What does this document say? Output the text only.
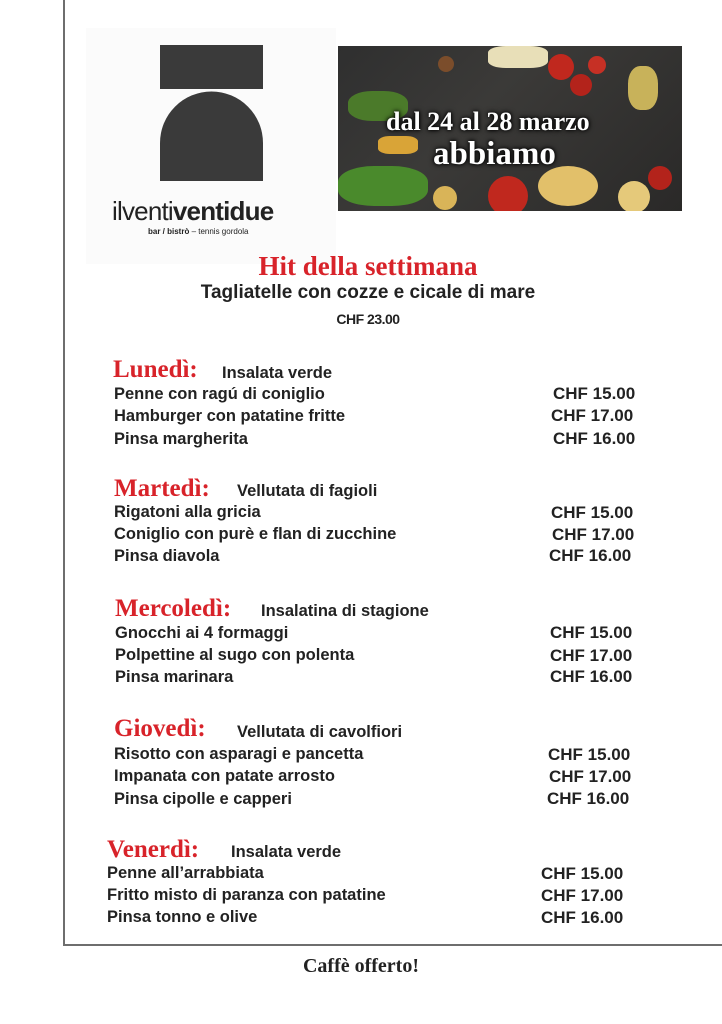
ilventiventidue
bar / bistrò – tennis gordola
dal 24 al 28 marzo
abbiamo
Hit della settimana
Tagliatelle con cozze e cicale di mare
CHF 23.00
Lunedì: Insalata verde
Penne con ragú di coniglio	CHF 15.00
Hamburger con patatine fritte	CHF 17.00
Pinsa margherita	CHF 16.00
Martedì: Vellutata di fagioli
Rigatoni alla gricia	CHF 15.00
Coniglio con purè e flan di zucchine	CHF 17.00
Pinsa diavola	CHF 16.00
Mercoledì: Insalatina di stagione
Gnocchi ai 4 formaggi	CHF 15.00
Polpettine al sugo con polenta	CHF 17.00
Pinsa marinara	CHF 16.00
Giovedì: Vellutata di cavolfiori
Risotto con asparagi e pancetta	CHF 15.00
Impanata con patate arrosto	CHF 17.00
Pinsa cipolle e capperi	CHF 16.00
Venerdì: Insalata verde
Penne all’arrabbiata	CHF 15.00
Fritto misto di paranza con patatine	CHF 17.00
Pinsa tonno e olive	CHF 16.00
Caffè offerto!
